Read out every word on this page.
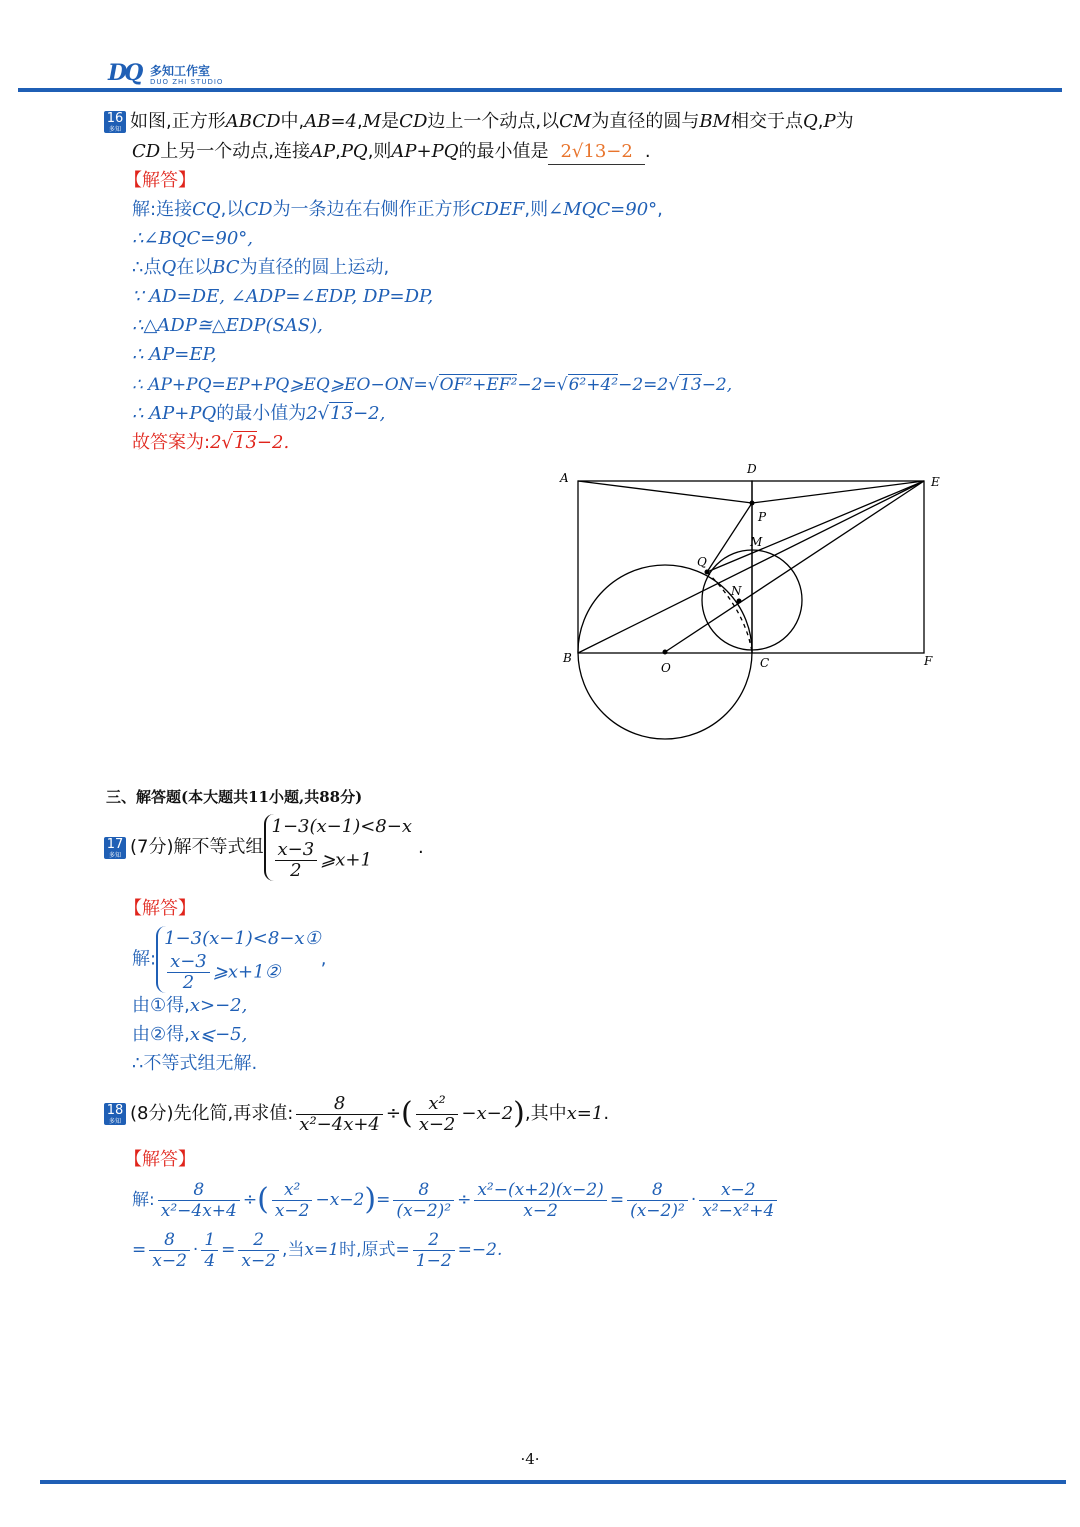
DQ 多知工作室
DUO ZHI STUDIO
16
多知 如图,正方形ABCD中,AB=4,M是CD边上一个动点,以CM为直径的圆与BM相交于点Q,P为
CD上另一个动点,连接AP,PQ,则AP+PQ的最小值是 2√13−2 .
【解答】
解:连接CQ,以CD为一条边在右侧作正方形CDEF,则∠MQC=90°,
∴∠BQC=90°,
∴点Q在以BC为直径的圆上运动,
∵ AD=DE, ∠ADP=∠EDP, DP=DP,
∴△ADP≅△EDP(SAS),
∴ AP=EP,
∴ AP+PQ=EP+PQ⩾EQ⩾EO−ON=√OF²+EF²−2=√6²+4²−2=2√13−2,
∴ AP+PQ的最小值为2√13−2,
故答案为:2√13−2.
A
D
E
P
M
Q
N
B
O	C	F
三、解答题(本大题共11小题,共88分)
17
多知 (7分)解不等式组
1−3(x−1)<8−x
$\frac{x-3}{2}$ ⩾x+1
.
【解答】
解:
1−3(x−1)<8−x①
$\frac{x-3}{2}$ ⩾x+1②
,
由①得,x>−2,
由②得,x⩽−5,
∴不等式组无解.
18
多知 (8分)先化简,再求值: $\frac{8}{\text{x²−4x+4}}$ ÷( $\frac{\text{x²}}{x-2} -x-2$),其中x=1.
【解答】
解: $\frac{8}{\text{x²−4x+4}}$ ÷( $\frac{\text{x²}}{x-2} -x-2)= \frac{8}{\text{(x−2)²}} \div \frac{\text{x²−(x+2)(x−2)}}{x-2} = \frac{8}{\text{(x−2)²}} \cdot \frac{x-2}{\text{x²−x²+4}}$
= $\frac{8}{x-2} \cdot \frac{1}{4} = \frac{2}{x-2}$ ,当x=1时,原式= $\frac{2}{1-2} =-2$.
·4·
